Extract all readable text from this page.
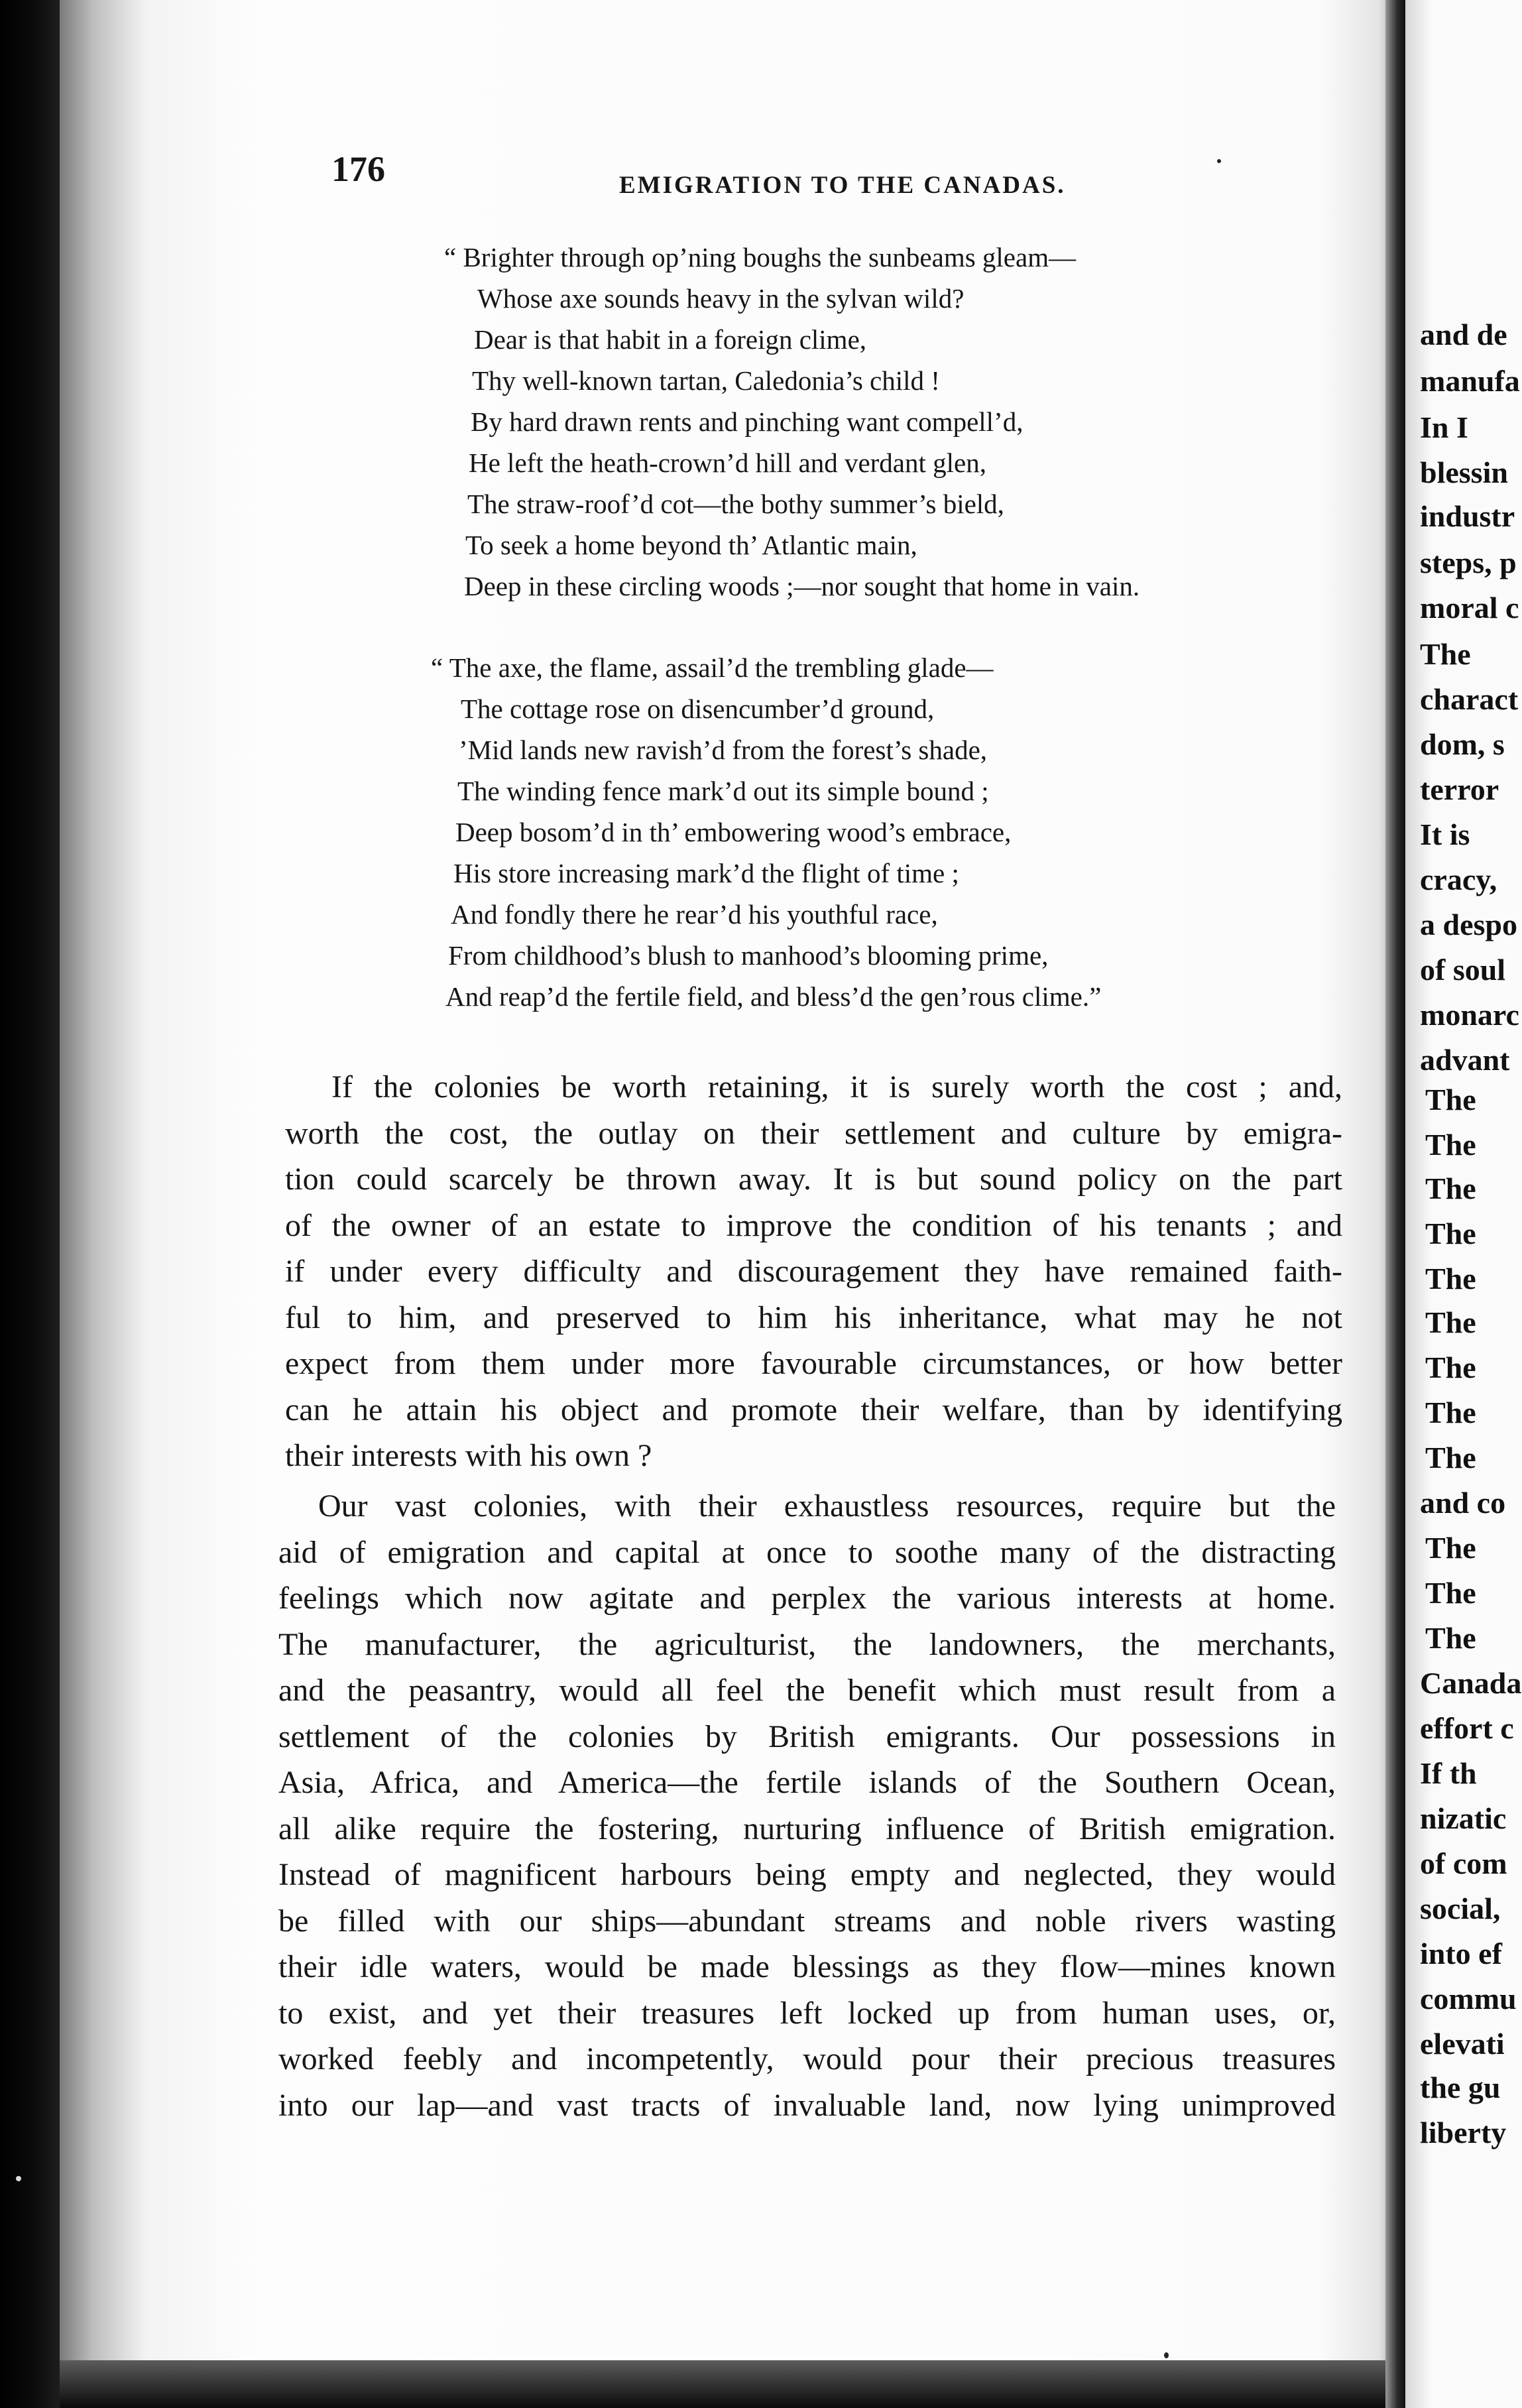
and de
manufa
In I
blessin
industr
steps, p
moral c
The
charact
dom, s
terror
It is
cracy,
a despo
of soul
monarc
advant
The
The
The
The
The
The
The
The
The
and co
The
The
The
Canada
effort c
If th
nizatic
of com
social,
into ef
commu
elevati
the gu
liberty
176	EMIGRATION TO THE CANADAS.
“ Brighter through op’ning boughs the sunbeams gleam—
Whose axe sounds heavy in the sylvan wild?
Dear is that habit in a foreign clime,
Thy well-known tartan, Caledonia’s child !
By hard drawn rents and pinching want compell’d,
He left the heath-crown’d hill and verdant glen,
The straw-roof’d cot—the bothy summer’s bield,
To seek a home beyond th’ Atlantic main,
Deep in these circling woods ;—nor sought that home in vain.
“ The axe, the flame, assail’d the trembling glade—
The cottage rose on disencumber’d ground,
’Mid lands new ravish’d from the forest’s shade,
The winding fence mark’d out its simple bound ;
Deep bosom’d in th’ embowering wood’s embrace,
His store increasing mark’d the flight of time ;
And fondly there he rear’d his youthful race,
From childhood’s blush to manhood’s blooming prime,
And reap’d the fertile field, and bless’d the ɡen’rous clime.”
If the colonies be worth retaining, it is surely worth the cost ; and,
worth the cost, the outlay on their settlement and culture by emigra-
tion could scarcely be thrown away. It is but sound policy on the part
of the owner of an estate to improve the condition of his tenants ; and
if under every difficulty and discouragement they have remained faith-
ful to him, and preserved to him his inheritance, what may he not
expect from them under more favourable circumstances, or how better
can he attain his object and promote their welfare, than by identifying
their interests with his own ?
Our vast colonies, with their exhaustless resources, require but the
aid of emigration and capital at once to soothe many of the distracting
feelings which now agitate and perplex the various interests at home.
The manufacturer, the agriculturist, the landowners, the merchants,
and the peasantry, would all feel the benefit which must result from a
settlement of the colonies by British emigrants. Our possessions in
Asia, Africa, and America—the fertile islands of the Southern Ocean,
all alike require the fostering, nurturing influence of British emigration.
Instead of magnificent harbours being empty and neglected, they would
be filled with our ships—abundant streams and noble rivers wasting
their idle waters, would be made blessings as they flow—mines known
to exist, and yet their treasures left locked up from human uses, or,
worked feebly and incompetently, would pour their precious treasures
into our lap—and vast tracts of invaluable land, now lying unimproved
